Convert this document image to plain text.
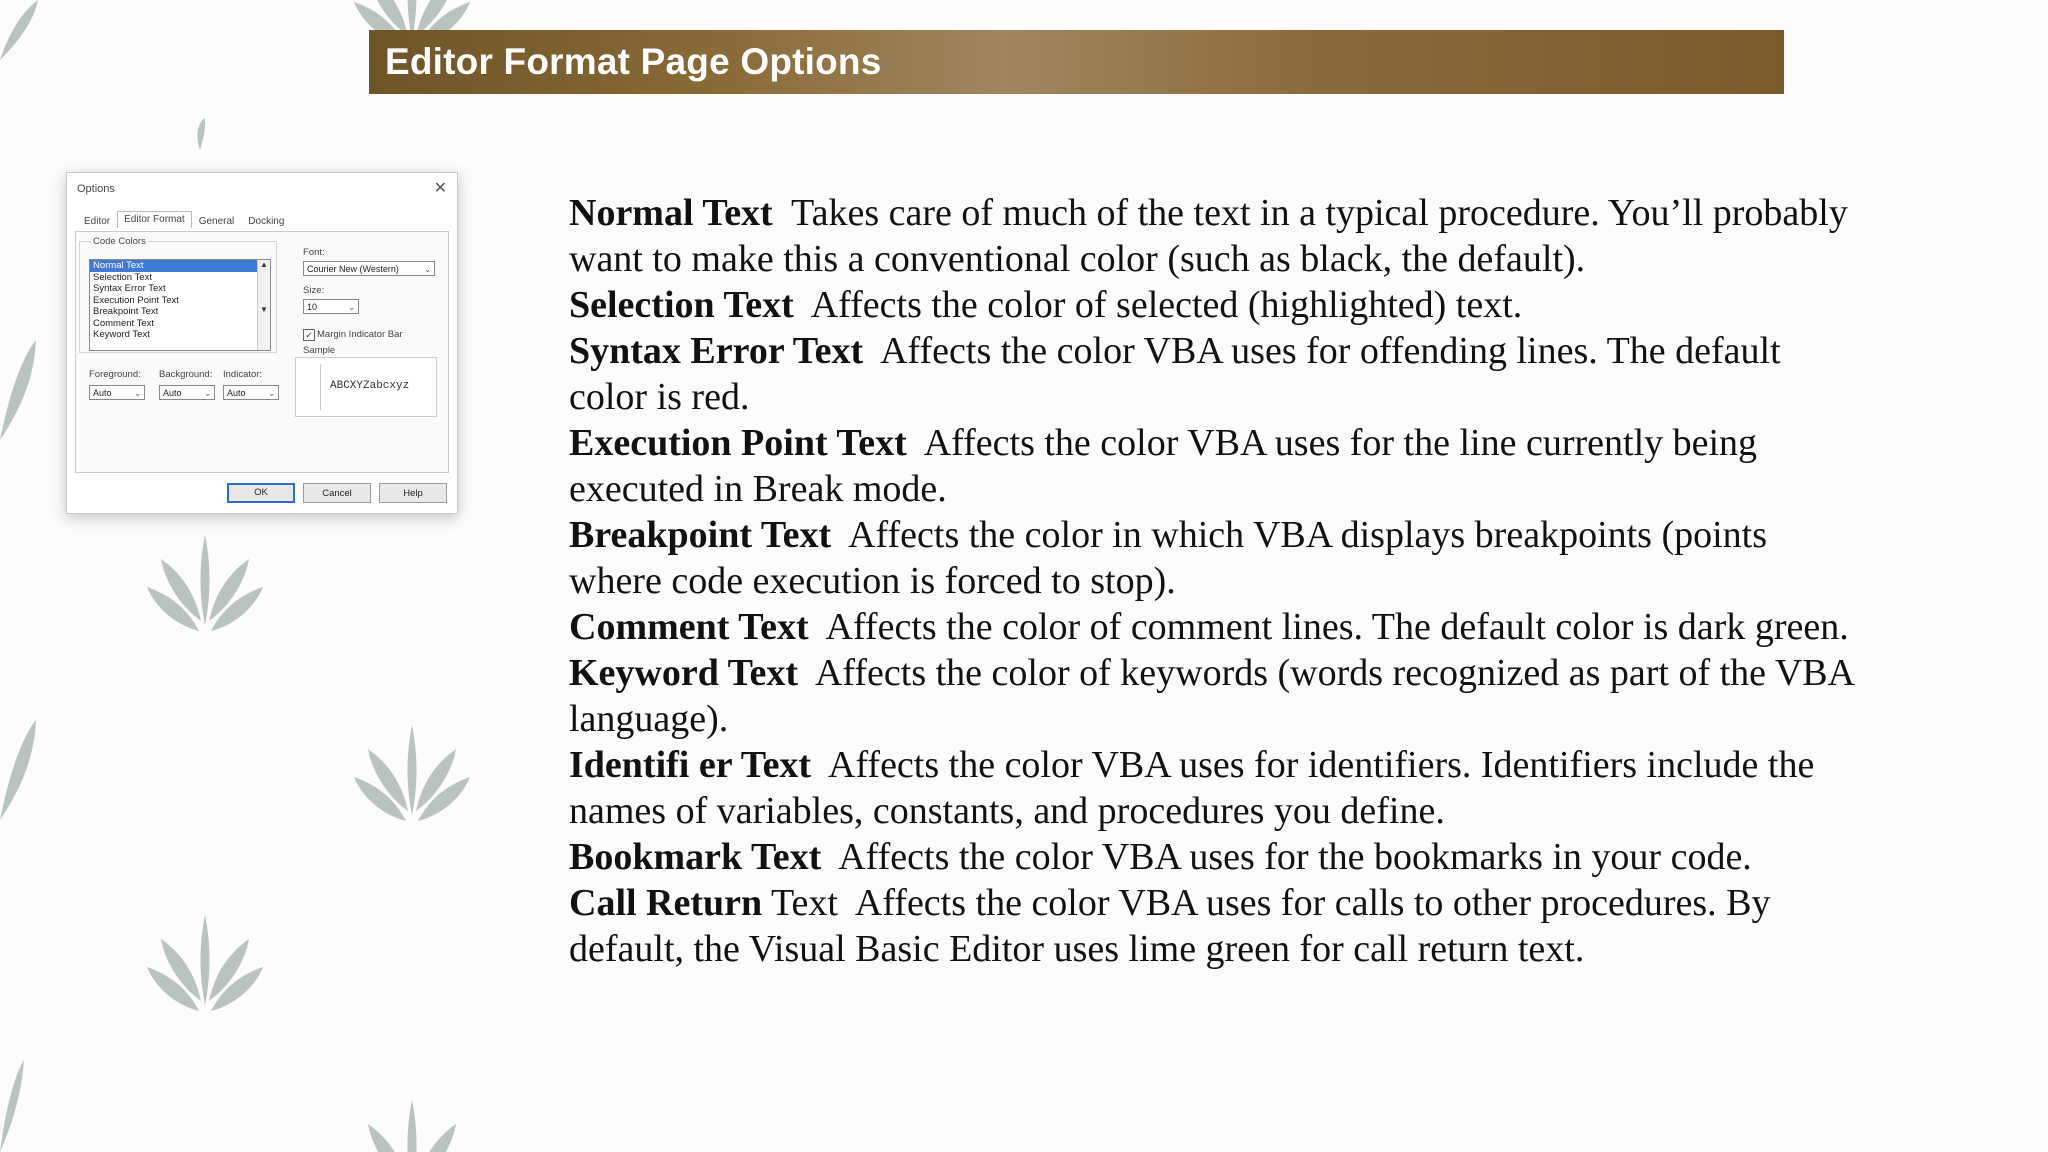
Editor Format Page Options
Options	✕
Editor	Editor Format	General	Docking
Code Colors
Normal Text
Selection Text
Syntax Error Text
Execution Point Text
Breakpoint Text
Comment Text
Keyword Text
▲

▼
Foreground: Background: Indicator:
Auto	⌄	Auto	⌄	Auto	⌄
Font:
Courier New (Western)	⌄
Size:
10	⌄
✓ Margin Indicator Bar
Sample
ABCXYZabcxyz
OK	Cancel	Help
Normal Text Takes care of much of the text in a typical procedure. You’ll probably want to make this a conventional color (such as black, the default).
Selection Text Affects the color of selected (highlighted) text.
Syntax Error Text Affects the color VBA uses for offending lines. The default color is red.
Execution Point Text Affects the color VBA uses for the line currently being executed in Break mode.
Breakpoint Text Affects the color in which VBA displays breakpoints (points where code execution is forced to stop).
Comment Text Affects the color of comment lines. The default color is dark green.
Keyword Text Affects the color of keywords (words recognized as part of the VBA language).
Identifi er Text Affects the color VBA uses for identifiers. Identifiers include the names of variables, constants, and procedures you define.
Bookmark Text Affects the color VBA uses for the bookmarks in your code.
Call Return Text Affects the color VBA uses for calls to other procedures. By default, the Visual Basic Editor uses lime green for call return text.
